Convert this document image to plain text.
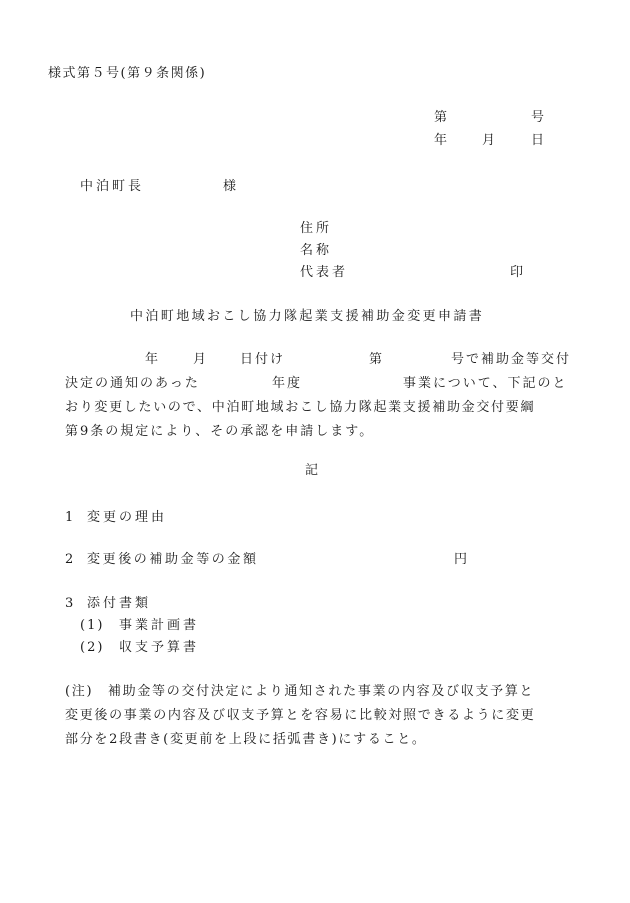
様式第５号(第９条関係)
第	号
年	月	日
中泊町長	様
住所
名称
代表者	印
中泊町地域おこし協力隊起業支援補助金変更申請書
年	月 日付け	第	号で補助金等交付
決定の通知のあった	年度	事業について、下記のと
おり変更したいので、中泊町地域おこし協力隊起業支援補助金交付要綱
第9条の規定により、その承認を申請します。
記
1 変更の理由
2 変更後の補助金等の金額	円
3 添付書類
(1) 事業計画書
(2) 収支予算書
(注)　補助金等の交付決定により通知された事業の内容及び収支予算と
変更後の事業の内容及び収支予算とを容易に比較対照できるように変更
部分を2段書き(変更前を上段に括弧書き)にすること。
